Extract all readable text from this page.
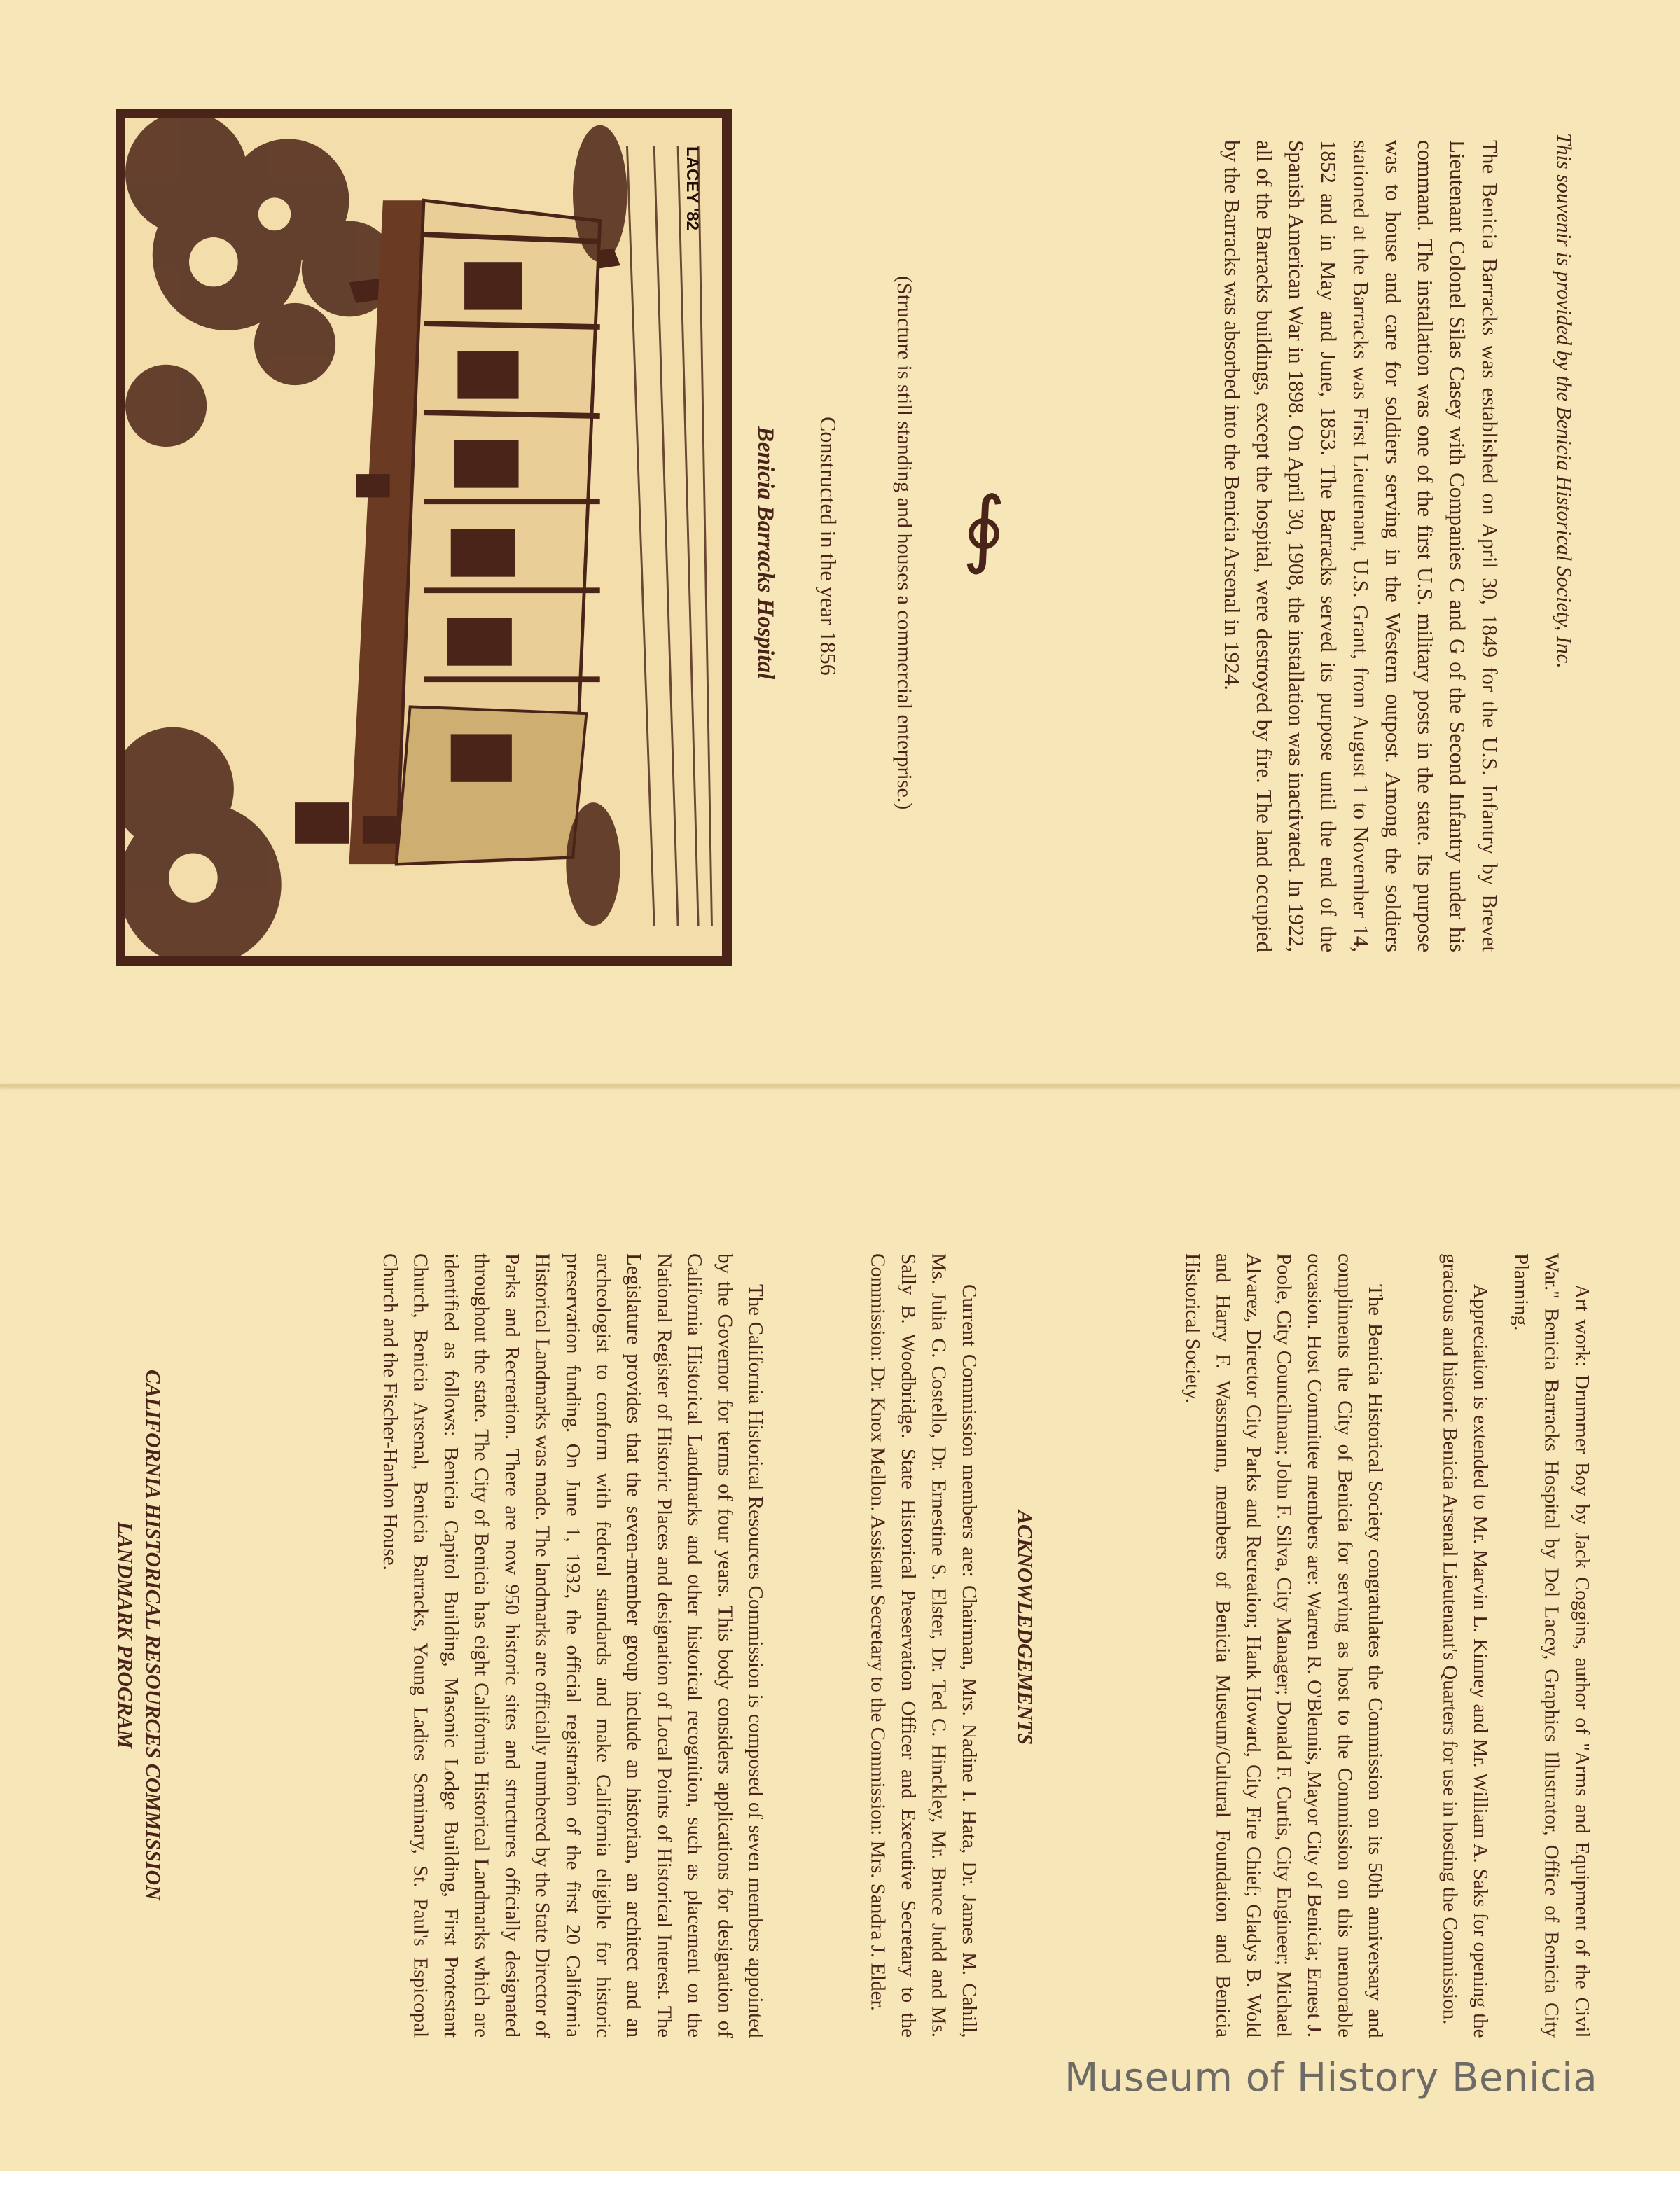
LACEY '82
Benicia Barracks Hospital Constructed in the year 1856 (Structure is still standing and houses a commercial enterprise.) ∮	The Benicia Barracks was established on April 30, 1849 for the U.S. Infantry by Brevet Lieutenant Colonel Silas Casey with Companies C and G of the Second Infantry under his command. The installation was one of the first U.S. military posts in the state. Its purpose was to house and care for soldiers serving in the Western outpost. Among the soldiers stationed at the Barracks was First Lieutenant, U.S. Grant, from August 1 to November 14, 1852 and in May and June, 1853. The Barracks served its purpose until the end of the Spanish American War in 1898. On April 30, 1908, the installation was inactivated. In 1922, all of the Barracks buildings, except the hospital, were destroyed by fire. The land occupied by the Barracks was absorbed into the Benicia Arsenal in 1924.	This souvenir is provided by the Benicia Historical Society, Inc.
CALIFORNIA HISTORICAL RESOURCES COMMISSION
LANDMARK PROGRAM	The California Historical Resources Commission is composed of seven members appointed by the Governor for terms of four years. This body considers applications for designation of California Historical Landmarks and other historical recognition, such as placement on the National Register of Historic Places and designation of Local Points of Historical Interest. The Legislature provides that the seven-member group include an historian, an architect and an archeologist to conform with federal standards and make California eligible for historic preservation funding. On June 1, 1932, the official registration of the first 20 California Historical Landmarks was made. The landmarks are officially numbered by the State Director of Parks and Recreation. There are now 950 historic sites and structures officially designated throughout the state. The City of Benicia has eight California Historical Landmarks which are identified as follows: Benicia Capitol Building, Masonic Lodge Building, First Protestant Church, Benicia Arsenal, Benicia Barracks, Young Ladies Seminary, St. Paul's Espicopal Church and the Fischer-Hanlon House.	Current Commission members are: Chairman, Mrs. Nadine I. Hata, Dr. James M. Cahill, Ms. Julia G. Costello, Dr. Ernestine S. Elster, Dr. Ted C. Hinckley, Mr. Bruce Judd and Ms. Sally B. Woodbridge. State Historical Preservation Officer and Executive Secretary to the Commission: Dr. Knox Mellon. Assistant Secretary to the Commission: Mrs. Sandra J. Elder.	ACKNOWLEDGEMENTS	The Benicia Historical Society congratulates the Commission on its 50th anniversary and compliments the City of Benicia for serving as host to the Commission on this memorable occasion. Host Committee members are: Warren R. O'Blennis, Mayor City of Benicia; Ernest J. Poole, City Councilman; John F. Silva, City Manager; Donald F. Curtis, City Engineer; Michael Alvarez, Director City Parks and Recreation; Hank Howard, City Fire Chief; Gladys B. Wold and Harry F. Wassmann, members of Benicia Museum/Cultural Foundation and Benicia Historical Society.	Appreciation is extended to Mr. Marvin L. Kinney and Mr. William A. Saks for opening the gracious and historic Benicia Arsenal Lieutenant's Quarters for use in hosting the Commission.	Art work: Drummer Boy by Jack Coggins, author of "Arms and Equipment of the Civil War." Benicia Barracks Hospital by Del Lacey, Graphics Illustrator, Office of Benicia City Planning.
Museum of History Benicia
